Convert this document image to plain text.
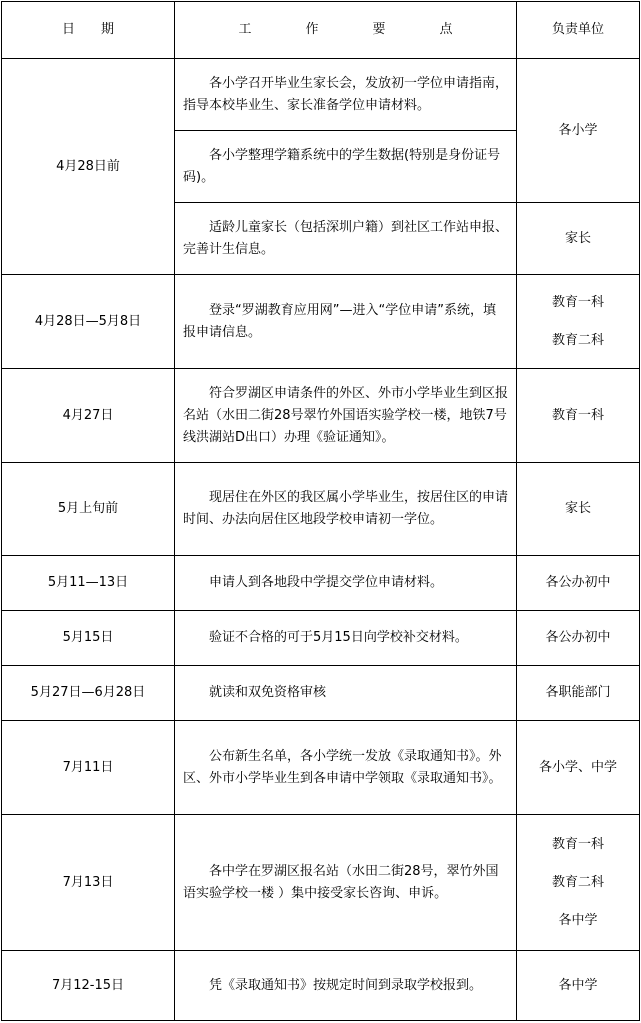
日期	工作要点	负责单位
4月28日前	各小学召开毕业生家长会，发放初一学位申请指南，指导本校毕业生、家长准备学位申请材料。	各小学

	各小学整理学籍系统中的学生数据(特别是身份证号码)。	

	适龄儿童家长（包括深圳户籍）到社区工作站申报、完善计生信息。	家长

4月28日—5月8日	登录“罗湖教育应用网”—进入“学位申请”系统，填报申请信息。	教育一科
教育二科

4月27日	符合罗湖区申请条件的外区、外市小学毕业生到区报名站（水田二街28号翠竹外国语实验学校一楼，地铁7号线洪湖站D出口）办理《验证通知》。	教育一科

5月上旬前	现居住在外区的我区属小学毕业生，按居住区的申请时间、办法向居住区地段学校申请初一学位。	家长

5月11—13日	申请人到各地段中学提交学位申请材料。	各公办初中

5月15日	验证不合格的可于5月15日向学校补交材料。	各公办初中

5月27日—6月28日	就读和双免资格审核	各职能部门

7月11日	公布新生名单，各小学统一发放《录取通知书》。外区、外市小学毕业生到各申请中学领取《录取通知书》。	各小学、中学

7月13日	各中学在罗湖区报名站（水田二街28号，翠竹外国语实验学校一楼 ）集中接受家长咨询、申诉。	教育一科
教育二科
各中学

7月12-15日	凭《录取通知书》按规定时间到录取学校报到。	各中学
